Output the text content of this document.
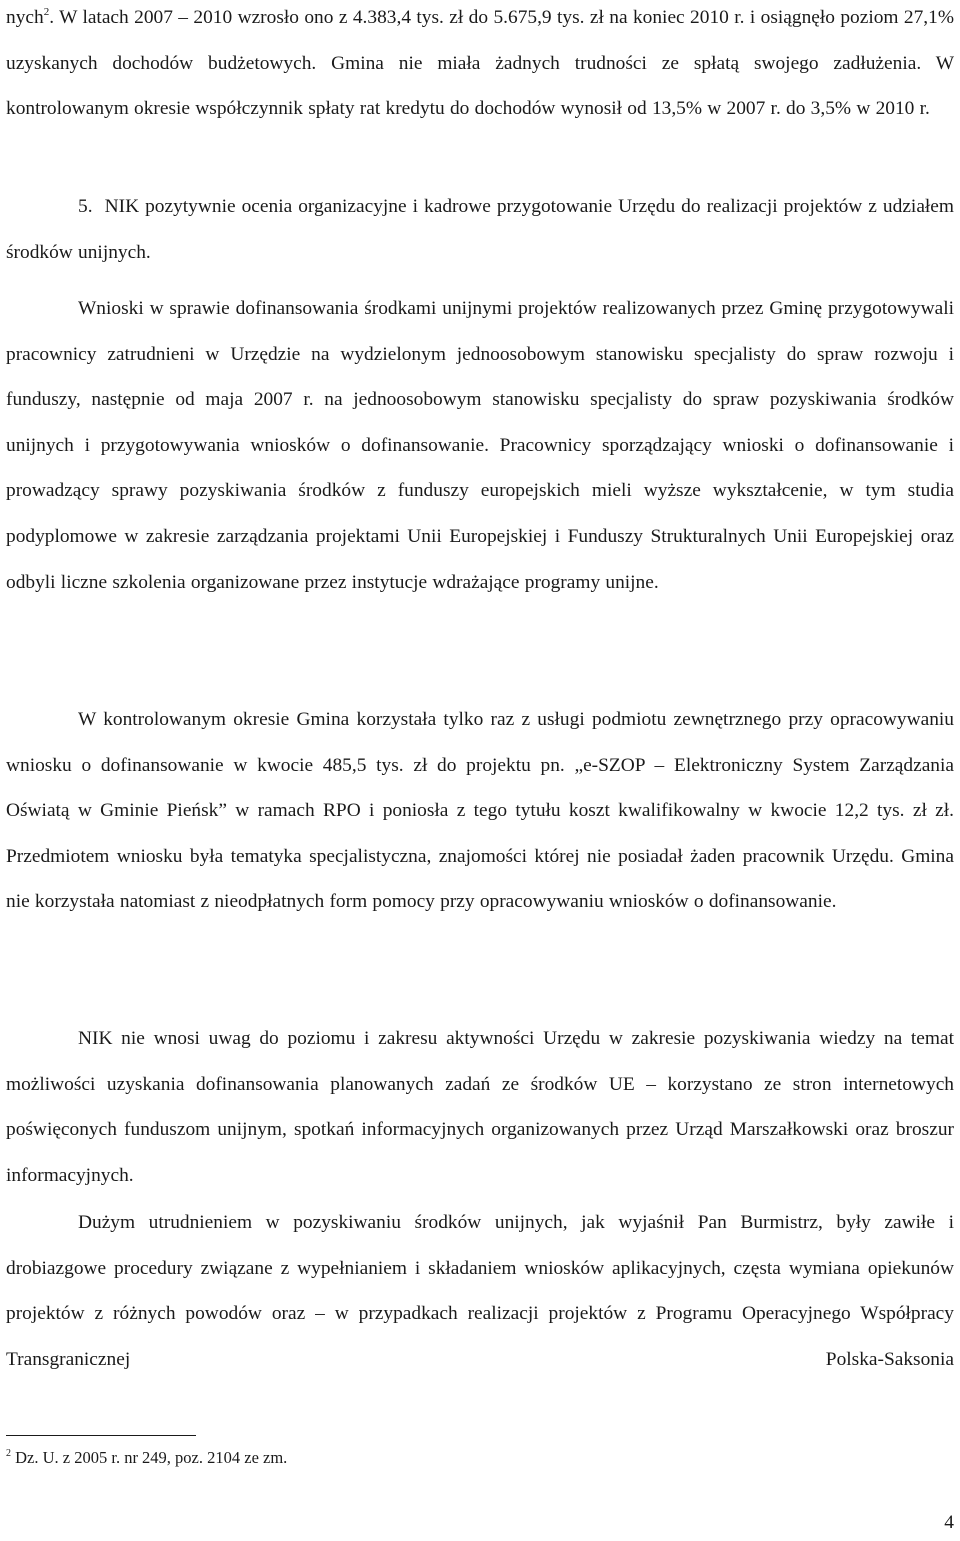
nych$^2$. W latach 2007 – 2010 wzrosło ono z 4.383,4 tys. zł do 5.675,9 tys. zł na koniec 2010 r. i osiągnęło poziom 27,1% uzyskanych dochodów budżetowych. Gmina nie miała żadnych trudności ze spłatą swojego zadłużenia. W kontrolowanym okresie współczynnik spłaty rat kredytu do dochodów wynosił od 13,5% w 2007 r. do 3,5% w 2010 r.

5. NIK pozytywnie ocenia organizacyjne i kadrowe przygotowanie Urzędu do realizacji projektów z udziałem środków unijnych.

Wnioski w sprawie dofinansowania środkami unijnymi projektów realizowanych przez Gminę przygotowywali pracownicy zatrudnieni w Urzędzie na wydzielonym jednoosobowym stanowisku specjalisty do spraw rozwoju i funduszy, następnie od maja 2007 r. na jednoosobowym stanowisku specjalisty do spraw pozyskiwania środków unijnych i przygotowywania wniosków o dofinansowanie. Pracownicy sporządzający wnioski o dofinansowanie i prowadzący sprawy pozyskiwania środków z funduszy europejskich mieli wyższe wykształcenie, w tym studia podyplomowe w zakresie zarządzania projektami Unii Europejskiej i Funduszy Strukturalnych Unii Europejskiej oraz odbyli liczne szkolenia organizowane przez instytucje wdrażające programy unijne.

W kontrolowanym okresie Gmina korzystała tylko raz z usługi podmiotu zewnętrznego przy opracowywaniu wniosku o dofinansowanie w kwocie 485,5 tys. zł do projektu pn. „e-SZOP – Elektroniczny System Zarządzania Oświatą w Gminie Pieńsk” w ramach RPO i poniosła z tego tytułu koszt kwalifikowalny w kwocie 12,2 tys. zł zł. Przedmiotem wniosku była tematyka specjalistyczna, znajomości której nie posiadał żaden pracownik Urzędu. Gmina nie korzystała natomiast z nieodpłatnych form pomocy przy opracowywaniu wniosków o dofinansowanie.

NIK nie wnosi uwag do poziomu i zakresu aktywności Urzędu w zakresie pozyskiwania wiedzy na temat możliwości uzyskania dofinansowania planowanych zadań ze środków UE – korzystano ze stron internetowych poświęconych funduszom unijnym, spotkań informacyjnych organizowanych przez Urząd Marszałkowski oraz broszur informacyjnych.

Dużym utrudnieniem w pozyskiwaniu środków unijnych, jak wyjaśnił Pan Burmistrz, były zawiłe i drobiazgowe procedury związane z wypełnianiem i składaniem wniosków aplikacyjnych, częsta wymiana opiekunów projektów z różnych powodów oraz – w przypadkach realizacji projektów z Programu Operacyjnego Współpracy Transgranicznej Polska-Saksonia

$^2$ Dz. U. z 2005 r. nr 249, poz. 2104 ze zm.

4
